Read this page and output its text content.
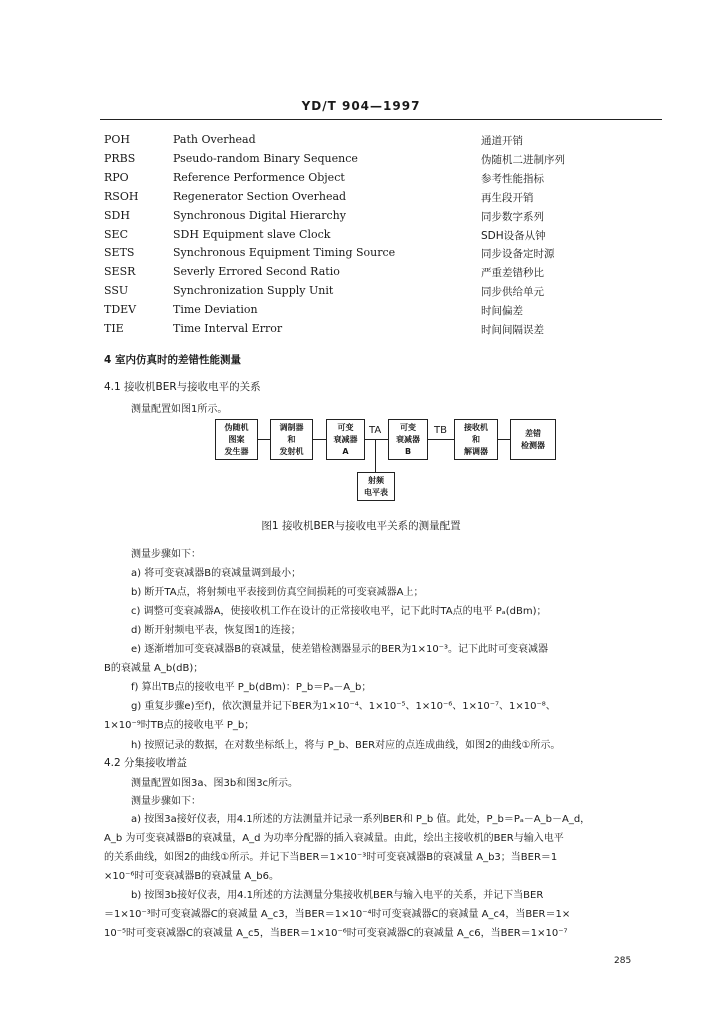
YD/T 904—1997
POH	Path Overhead	通道开销
PRBS	Pseudo-random Binary Sequence	伪随机二进制序列
RPO	Reference Performence Object	参考性能指标
RSOH	Regenerator Section Overhead	再生段开销
SDH	Synchronous Digital Hierarchy	同步数字系列
SEC	SDH Equipment slave Clock	SDH设备从钟
SETS	Synchronous Equipment Timing Source	同步设备定时源
SESR	Severly Errored Second Ratio	严重差错秒比
SSU	Synchronization Supply Unit	同步供给单元
TDEV	Time Deviation	时间偏差
TIE	Time Interval Error	时间间隔误差
4 室内仿真时的差错性能测量
4.1 接收机BER与接收电平的关系
测量配置如图1所示。
伪随机
图案
发生器
调制器
和
发射机
可变
衰减器
A
TA	可变
衰减器
B
TB	接收机
和
解调器
差错
检测器
射频
电平表
图1 接收机BER与接收电平关系的测量配置
测量步骤如下：
a) 将可变衰减器B的衰减量调到最小；
b) 断开TA点，将射频电平表接到仿真空间损耗的可变衰减器A上；
c) 调整可变衰减器A，使接收机工作在设计的正常接收电平，记下此时TA点的电平 Pₐ(dBm)；
d) 断开射频电平表，恢复图1的连接；
e) 逐渐增加可变衰减器B的衰减量，使差错检测器显示的BER为1×10⁻³。记下此时可变衰减器
B的衰减量 A_b(dB)；
f) 算出TB点的接收电平 P_b(dBm)：P_b＝Pₐ－A_b；
g) 重复步骤e)至f)，依次测量并记下BER为1×10⁻⁴、1×10⁻⁵、1×10⁻⁶、1×10⁻⁷、1×10⁻⁸、
1×10⁻⁹时TB点的接收电平 P_b；
h) 按照记录的数据，在对数坐标纸上，将与 P_b、BER对应的点连成曲线，如图2的曲线①所示。
4.2 分集接收增益
测量配置如图3a、图3b和图3c所示。
测量步骤如下：
a) 按图3a接好仪表，用4.1所述的方法测量并记录一系列BER和 P_b 值。此处，P_b＝Pₐ－A_b－A_d，
A_b 为可变衰减器B的衰减量，A_d 为功率分配器的插入衰减量。由此，绘出主接收机的BER与输入电平
的关系曲线，如图2的曲线①所示。并记下当BER＝1×10⁻³时可变衰减器B的衰减量 A_b3；当BER＝1
×10⁻⁶时可变衰减器B的衰减量 A_b6。
b) 按图3b接好仪表，用4.1所述的方法测量分集接收机BER与输入电平的关系，并记下当BER
＝1×10⁻³时可变衰减器C的衰减量 A_c3，当BER＝1×10⁻⁴时可变衰减器C的衰减量 A_c4，当BER＝1×
10⁻⁵时可变衰减器C的衰减量 A_c5，当BER＝1×10⁻⁶时可变衰减器C的衰减量 A_c6，当BER＝1×10⁻⁷
285
